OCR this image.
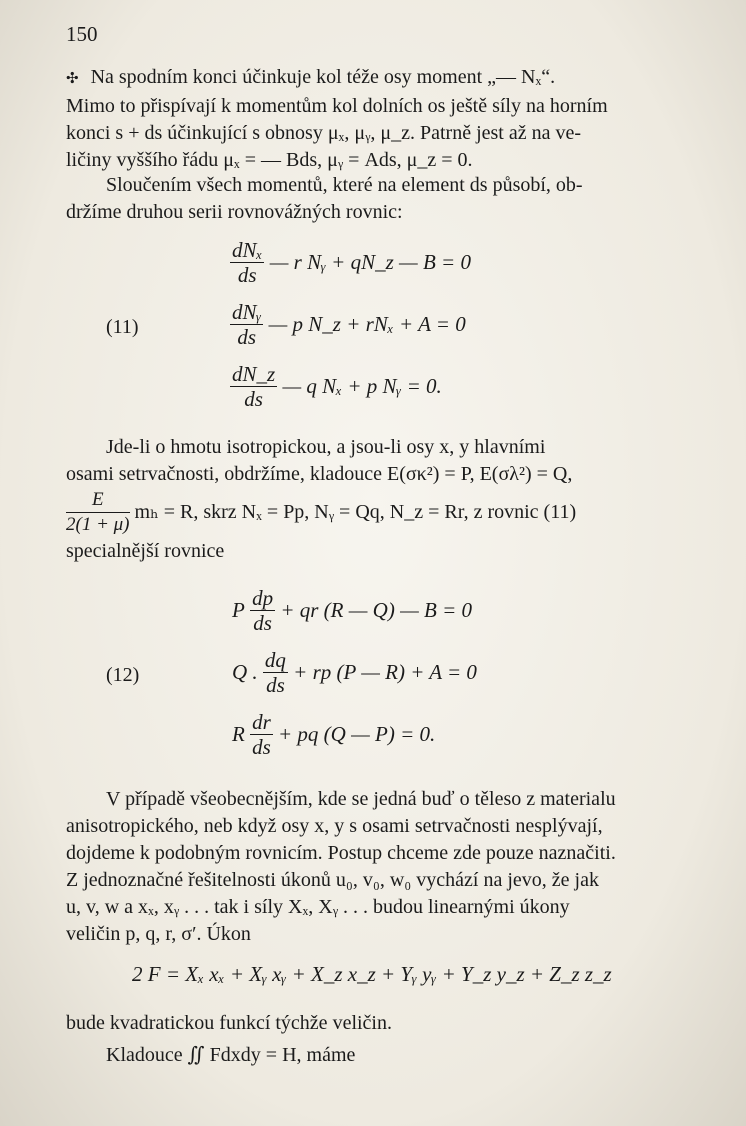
150
✣ Na spodním konci účinkuje kol téže osy moment „— Nₓ“.
Mimo to přispívají k momentům kol dolních os ještě síly na horním
konci s + ds účinkující s obnosy μₓ, μᵧ, μ_z. Patrně jest až na ve-
ličiny vyššího řádu μₓ = — Bds, μᵧ = Ads, μ_z = 0.
Sloučením všech momentů, které na element ds působí, ob-
držíme druhou serii rovnovážných rovnic:
$\frac{\text{dNₓ}}{ds}$ — r Nᵧ + qN_z — B = 0
$\frac{\text{dNᵧ}}{ds}$ — p N_z + rNₓ + A = 0
(11)
$\frac{dN\_z}{ds}$ — q Nₓ + p Nᵧ = 0.
Jde-li o hmotu isotropickou, a jsou-li osy x, y hlavními
osami setrvačnosti, obdržíme, kladouce E(σκ²) = P, E(σλ²) = Q,
$\frac{E}{2(1 + \mu)}$ mₕ = R, skrz Nₓ = Pp, Nᵧ = Qq, N_z = Rr, z rovnic (11)
specialnější rovnice
P $\frac{dp}{ds}$ + qr (R — Q) — B = 0
Q . $\frac{dq}{ds}$ + rp (P — R) + A = 0
(12)
R $\frac{dr}{ds}$ + pq (Q — P) = 0.
V případě všeobecnějším, kde se jedná buď o těleso z materialu
anisotropického, neb když osy x, y s osami setrvačnosti nesplývají,
dojdeme k podobným rovnicím. Postup chceme zde pouze naznačiti.
Z jednoznačné řešitelnosti úkonů u₀, v₀, w₀ vychází na jevo, že jak
u, v, w a xₓ, xᵧ . . . tak i síly Xₓ, Xᵧ . . . budou linearnými úkony
veličin p, q, r, σ′. Úkon
2 F = Xₓ xₓ + Xᵧ xᵧ + X_z x_z + Yᵧ yᵧ + Y_z y_z + Z_z z_z
bude kvadratickou funkcí týchže veličin.
Kladouce ∬ Fdxdy = H, máme
